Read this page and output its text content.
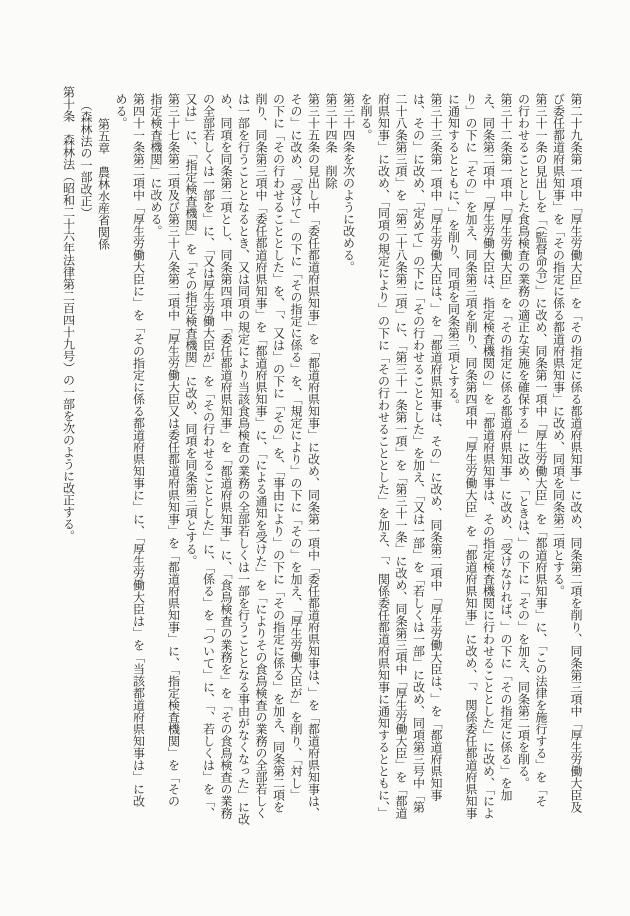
第二十九条第一項中「厚生労働大臣」を「その指定に係る都道府県知事」に改め、同条第二項を削り、同条第三項中「厚生労働大臣及
び委任都道府県知事」を「その指定に係る都道府県知事」に改め、同項を同条第二項とする。
第三十一条の見出しを「（監督命令）」に改め、同条第一項中「厚生労働大臣」を「都道府県知事」に、「この法律を施行する」を「そ
の行わせることとした食鳥検査の業務の適正な実施を確保する」に改め、「ときは、」の下に「その」を加え、同条第二項を削る。
第三十二条第一項中「厚生労働大臣」を「その指定に係る都道府県知事」に改め、「受けなければ、」の下に「その指定に係る」を加
え、同条第二項中「厚生労働大臣は、指定検査機関の」を「都道府県知事は、その指定検査機関に行わせることとした」に改め、「によ
り」の下に「その」を加え、同条第三項を削り、同条第四項中「厚生労働大臣」を「都道府県知事」に改め、「、関係委任都道府県知事
に通知するとともに、」を削り、同項を同条第三項とする。
第三十三条第一項中「厚生労働大臣は、」を「都道府県知事は、その」に改め、同条第二項中「厚生労働大臣は、」を「都道府県知事
は、その」に改め、「定めて」の下に「その行わせることとした」を加え、「又は一部」を「若しくは一部」に改め、同項第三号中「第
二十八条第三項」を「第二十八条第二項」に、「第三十一条第一項」を「第三十一条」に改め、同条第三項中「厚生労働大臣」を「都道
府県知事」に改め、「同項の規定により」の下に「その行わせることとした」を加え、「、関係委任都道府県知事に通知するとともに、」
を削る。
第三十四条を次のように改める。
第三十四条　削除
第三十五条の見出し中「委任都道府県知事」を「都道府県知事」に改め、同条第一項中「委任都道府県知事は、」を「都道府県知事は、
その」に改め、「受けて」の下に「その指定に係る」を、「規定により」の下に「その」を加え、「厚生労働大臣が」を削り、「対し」
の下に「その行わせることとした」を、「、又は」の下に「その」を、「事由により」の下に「その指定に係る」を加え、同条第二項を
削り、同条第三項中「委任都道府県知事」を「都道府県知事」に、「による通知を受けた」を「によりその食鳥検査の業務の全部若しく
は一部を行うこととなるとき、又は同項の規定により当該食鳥検査の業務の全部若しくは一部を行うこととなる事由がなくなった」に改
め、同項を同条第二項とし、同条第四項中「委任都道府県知事」を「都道府県知事」に、「食鳥検査の業務を」を「その食鳥検査の業務
の全部若しくは一部を」に、「又は厚生労働大臣が」を「その行わせることとした」に、「係る」を「ついて」に、「、若しくは」を「、
又は」に、「指定検査機関」を「その指定検査機関」に改め、同項を同条第三項とする。
第三十七条第二項及び第三十八条第二項中「厚生労働大臣又は委任都道府県知事」を「都道府県知事」に、「指定検査機関」を「その
指定検査機関」に改める。
第四十一条第二項中「厚生労働大臣に」を「その指定に係る都道府県知事に」に、「厚生労働大臣は」を「当該都道府県知事は」に改
める。
第五章　農林水産省関係
（森林法の一部改正）
第十条　森林法（昭和二十六年法律第二百四十九号）の一部を次のように改正する。
